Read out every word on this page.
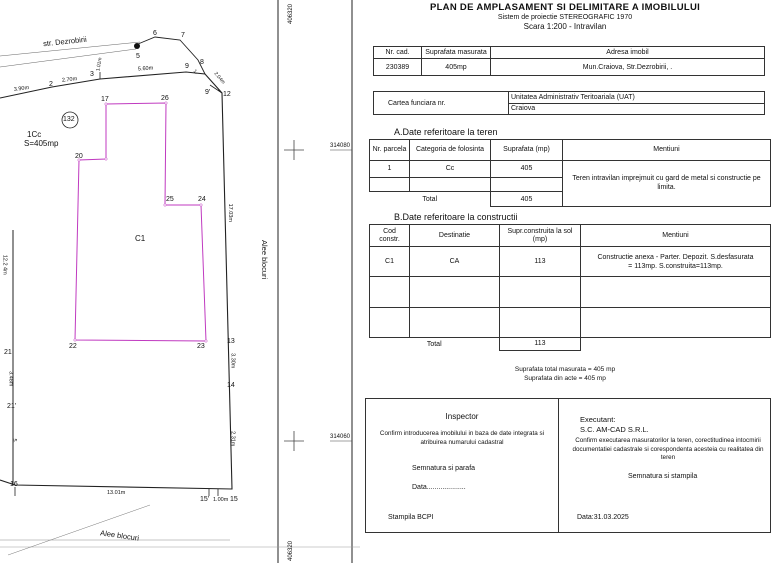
str. Dezrobirii
Alee blocuri
Alee blocuri
1Cc
S=405mp
132
C1
406320
406320
314080
314060
2
3
5
6	7
8
9
9' 12
13
14
15
15'
16
17
20
21
21'
22	23
24
25
26
3.90m
2.70m
1.01m	5.60m	1.	2.04m
17.03m
12.2 4m
3.48m
5.
3.30m
2.31m
13.01m
1.00m
PLAN DE AMPLASAMENT SI DELIMITARE A IMOBILULUI
Sistem de proiectie STEREOGRAFIC 1970
Scara 1:200 - Intravilan
Nr. cad.	Suprafata masurata	Adresa imobil
230389	405mp	Mun.Craiova, Str.Dezrobirii, .
Cartea funciara nr.	Unitatea Administrativ Teritoariala (UAT)
Craiova
A.Date referitoare la teren
Nr. parcela	Categoria de folosinta	Suprafata (mp)	Mentiuni
1	Cc	405	Teren intravilan imprejmuit cu gard de metal si constructie pe limita.

Total		405	
B.Date referitoare la constructii
Cod constr.	Destinatie	Supr.construita la sol (mp)	Mentiuni
C1	CA	113	Constructie anexa - Parter. Depozit. S.desfasurata = 113mp. S.construita=113mp.

Total		113	
Suprafata total masurata = 405 mp
Suprafata din acte = 405 mp
Inspector
Confirm introducerea imobilului in baza de date integrata si atribuirea numarului cadastral
Semnatura si parafa
Data....................
Stampila BCPI
Executant:
S.C. AM-CAD S.R.L.
Confirm executarea masuratorilor la teren, corectitudinea intocmirii documentatiei cadastrale si corespondenta acesteia cu realitatea din teren
Semnatura si stampila
Data:31.03.2025
